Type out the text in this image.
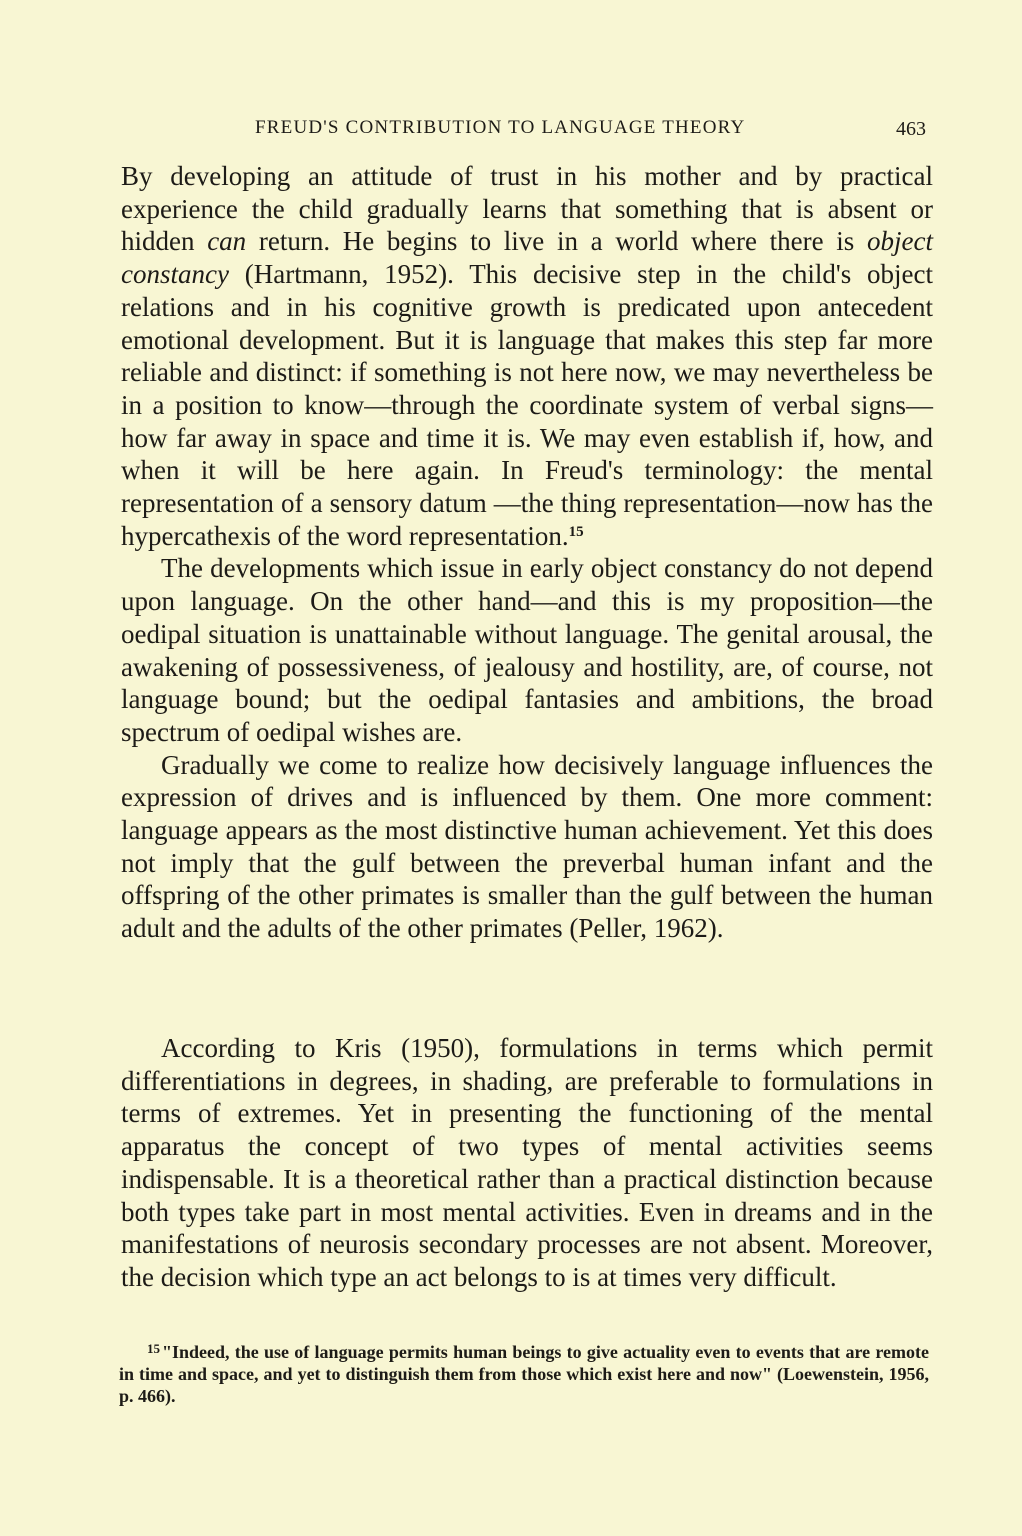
FREUD'S CONTRIBUTION TO LANGUAGE THEORY	463

By developing an attitude of trust in his mother and by practical experience the child gradually learns that something that is absent or hidden can return. He begins to live in a world where there is object constancy (Hartmann, 1952). This decisive step in the child's object relations and in his cognitive growth is predicated upon antecedent emotional development. But it is language that makes this step far more reliable and distinct: if something is not here now, we may nevertheless be in a position to know—through the coordinate system of verbal signs—how far away in space and time it is. We may even establish if, how, and when it will be here again. In Freud's terminology: the mental representation of a sensory datum —the thing representation—now has the hypercathexis of the word representation.$^{15}$

The developments which issue in early object constancy do not depend upon language. On the other hand—and this is my proposition—the oedipal situation is unattainable without language. The genital arousal, the awakening of possessiveness, of jealousy and hostility, are, of course, not language bound; but the oedipal fantasies and ambitions, the broad spectrum of oedipal wishes are.

Gradually we come to realize how decisively language influences the expression of drives and is influenced by them. One more comment: language appears as the most distinctive human achievement. Yet this does not imply that the gulf between the preverbal human infant and the offspring of the other primates is smaller than the gulf between the human adult and the adults of the other primates (Peller, 1962).

According to Kris (1950), formulations in terms which permit differentiations in degrees, in shading, are preferable to formulations in terms of extremes. Yet in presenting the functioning of the mental apparatus the concept of two types of mental activities seems indispensable. It is a theoretical rather than a practical distinction because both types take part in most mental activities. Even in dreams and in the manifestations of neurosis secondary processes are not absent. Moreover, the decision which type an act belongs to is at times very difficult.

$^{15}$ "Indeed, the use of language permits human beings to give actuality even to events that are remote in time and space, and yet to distinguish them from those which exist here and now" (Loewenstein, 1956, p. 466).
